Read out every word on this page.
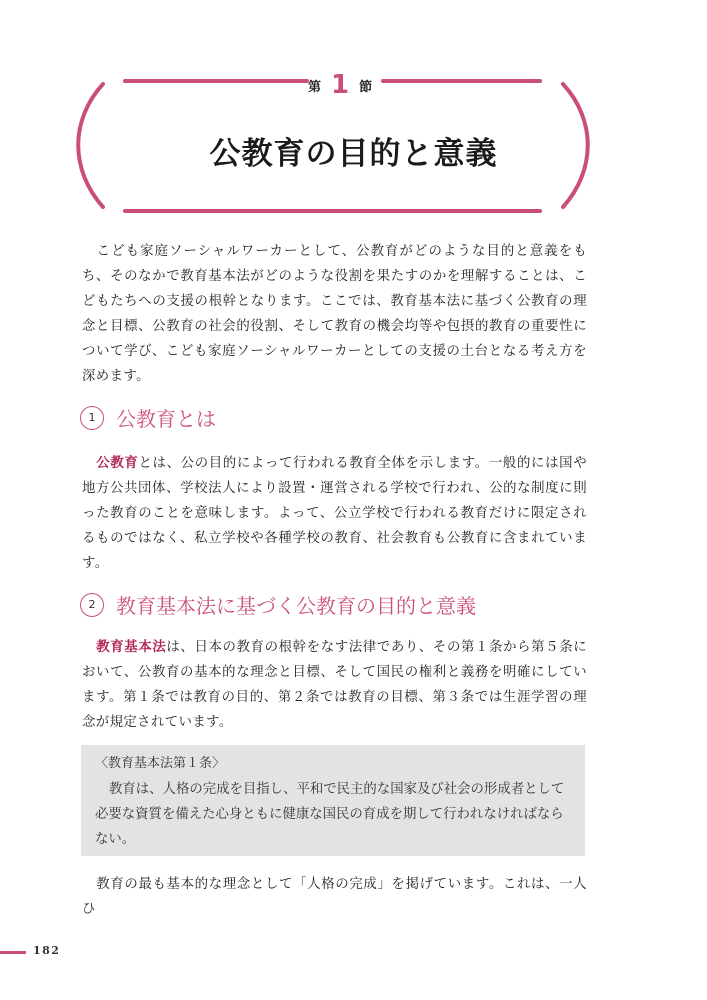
第 1 節
公教育の目的と意義
こども家庭ソーシャルワーカーとして、公教育がどのような目的と意義をもち、そのなかで教育基本法がどのような役割を果たすのかを理解することは、こどもたちへの支援の根幹となります。ここでは、教育基本法に基づく公教育の理念と目標、公教育の社会的役割、そして教育の機会均等や包摂的教育の重要性について学び、こども家庭ソーシャルワーカーとしての支援の土台となる考え方を深めます。
1	公教育とは
公教育とは、公の目的によって行われる教育全体を示します。一般的には国や地方公共団体、学校法人により設置・運営される学校で行われ、公的な制度に則った教育のことを意味します。よって、公立学校で行われる教育だけに限定されるものではなく、私立学校や各種学校の教育、社会教育も公教育に含まれています。
2	教育基本法に基づく公教育の目的と意義
教育基本法は、日本の教育の根幹をなす法律であり、その第１条から第５条において、公教育の基本的な理念と目標、そして国民の権利と義務を明確にしています。第１条では教育の目的、第２条では教育の目標、第３条では生涯学習の理念が規定されています。
〈教育基本法第１条〉
教育は、人格の完成を目指し、平和で民主的な国家及び社会の形成者として必要な資質を備えた心身ともに健康な国民の育成を期して行われなければならない。
教育の最も基本的な理念として「人格の完成」を掲げています。これは、一人ひ
182
